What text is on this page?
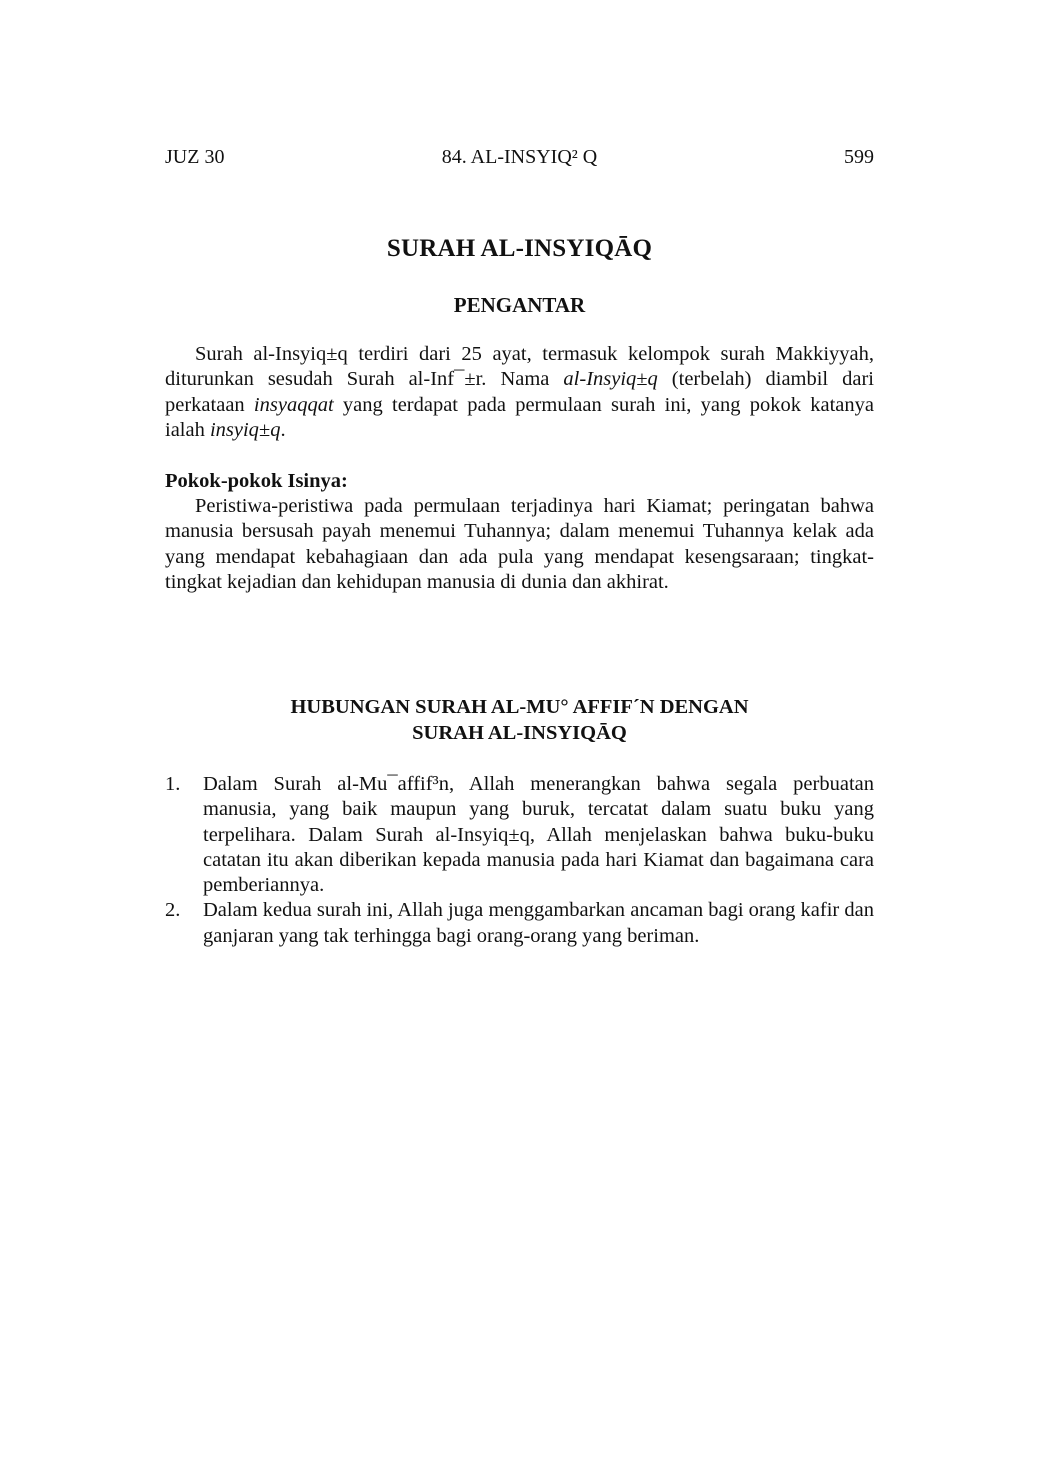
JUZ 30	84. AL-INSYIQ² Q	599
SURAH AL-INSYIQĀQ
PENGANTAR

Surah al-Insyiq±q terdiri dari 25 ayat, termasuk kelompok surah Makkiyyah, diturunkan sesudah Surah al-Inf¯±r. Nama al-Insyiq±q (terbelah) diambil dari perkataan insyaqqat yang terdapat pada permulaan surah ini, yang pokok katanya ialah insyiq±q.

Pokok-pokok Isinya:

Peristiwa-peristiwa pada permulaan terjadinya hari Kiamat; peringatan bahwa manusia bersusah payah menemui Tuhannya; dalam menemui Tuhannya kelak ada yang mendapat kebahagiaan dan ada pula yang mendapat kesengsaraan; tingkat-tingkat kejadian dan kehidupan manusia di dunia dan akhirat.

HUBUNGAN SURAH AL-MU° AFFIF´N DENGAN
SURAH AL-INSYIQĀQ
1. Dalam Surah al-Mu¯affif³n, Allah menerangkan bahwa segala perbuatan manusia, yang baik maupun yang buruk, tercatat dalam suatu buku yang terpelihara. Dalam Surah al-Insyiq±q, Allah menjelaskan bahwa buku-buku catatan itu akan diberikan kepada manusia pada hari Kiamat dan bagaimana cara pemberiannya.
2. Dalam kedua surah ini, Allah juga menggambarkan ancaman bagi orang kafir dan ganjaran yang tak terhingga bagi orang-orang yang beriman.
